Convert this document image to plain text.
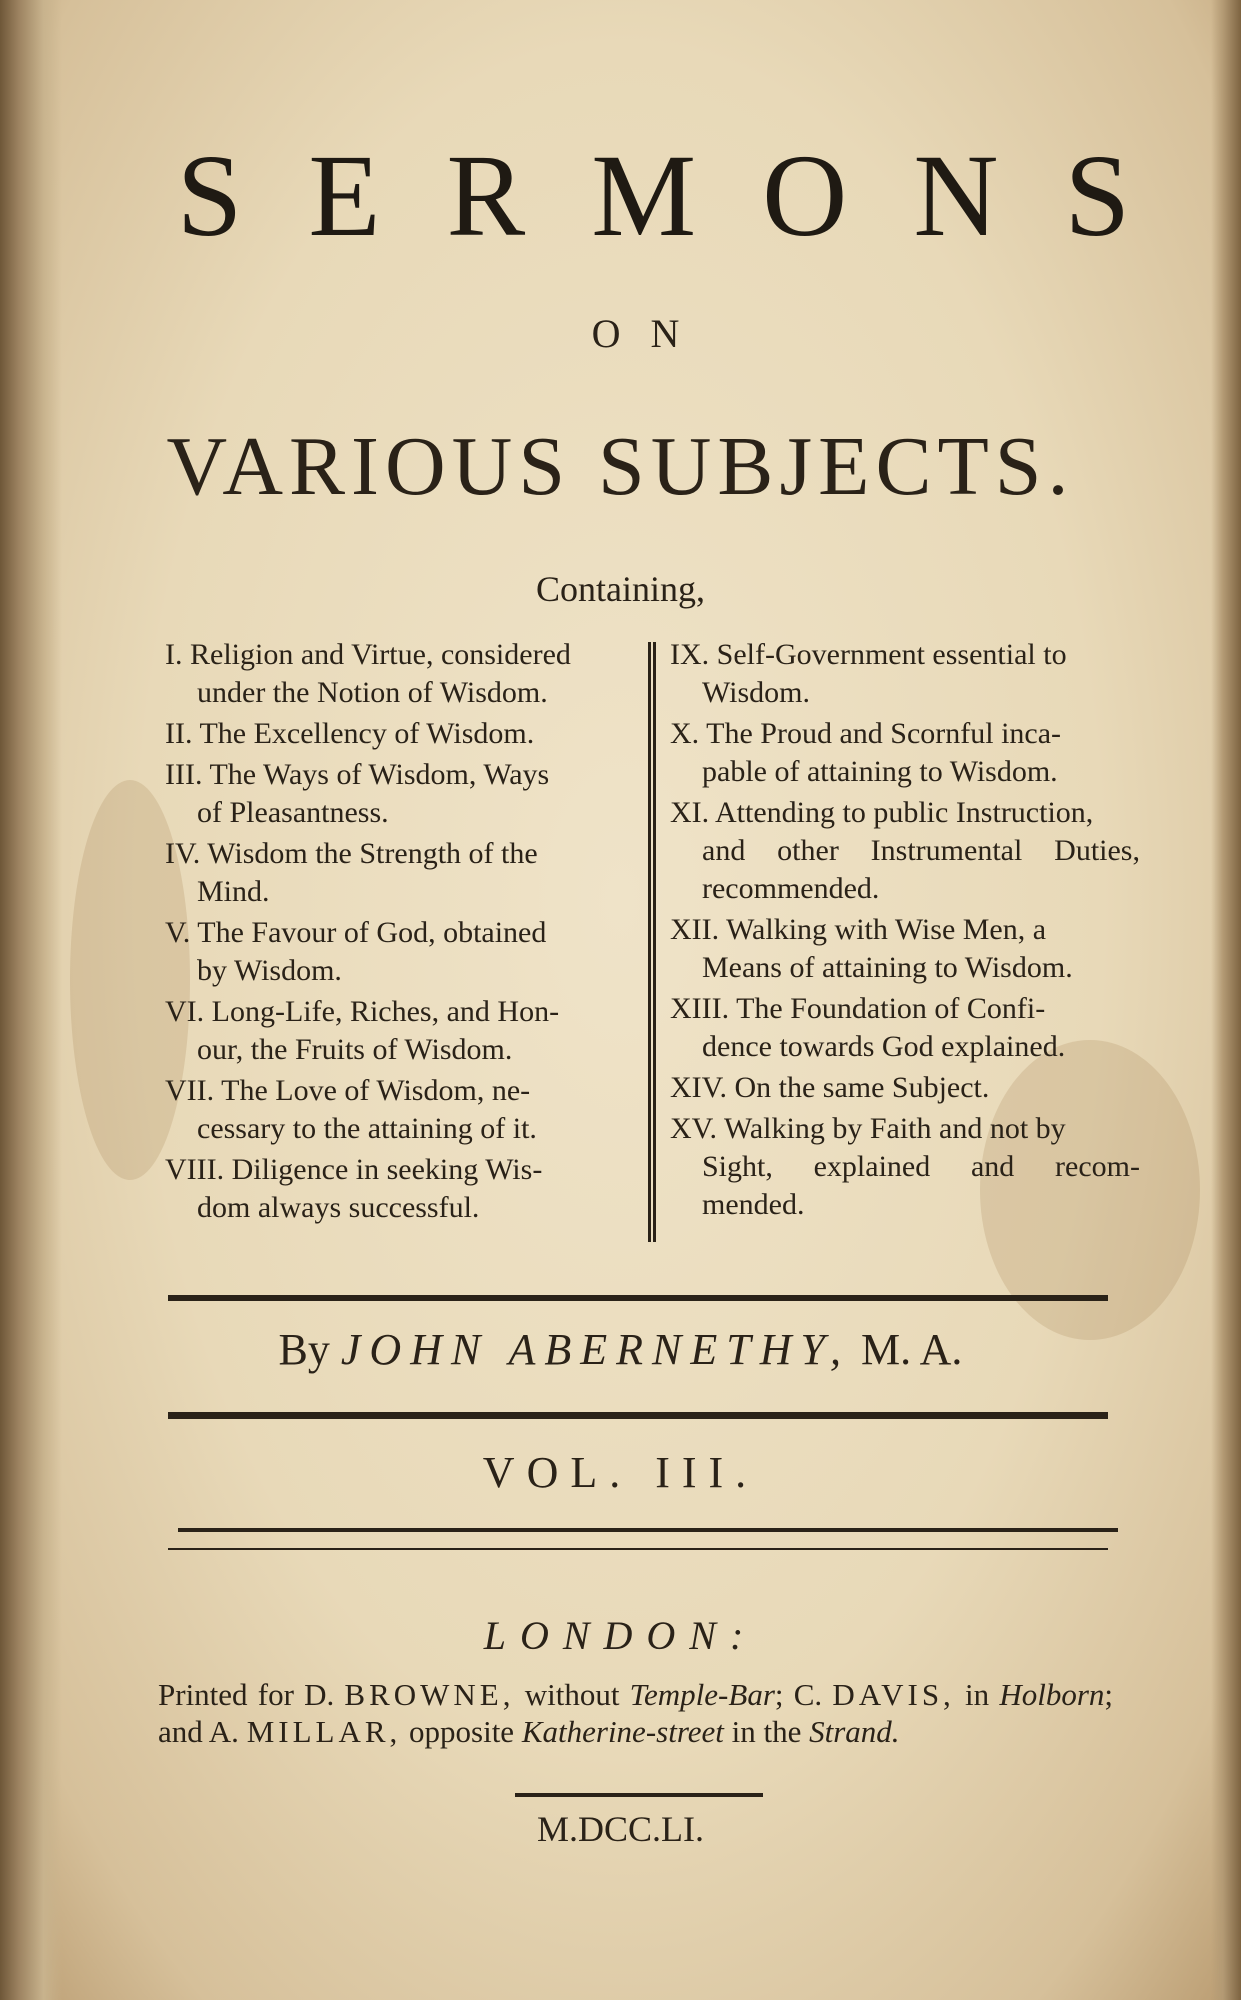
SERMONS
ON
VARIOUS SUBJECTS.
Containing,
I. Religion and Virtue, considered
under the Notion of Wisdom.
II. The Excellency of Wisdom.
III. The Ways of Wisdom, Ways
of Pleasantness.
IV. Wisdom the Strength of the
Mind.
V. The Favour of God, obtained
by Wisdom.
VI. Long-Life, Riches, and Hon-
our, the Fruits of Wisdom.
VII. The Love of Wisdom, ne-
cessary to the attaining of it.
VIII. Diligence in seeking Wis-
dom always successful.
IX. Self-Government essential to
Wisdom.
X. The Proud and Scornful inca-
pable of attaining to Wisdom.
XI. Attending to public Instruction,
and other Instrumental Duties, recommended.
XII. Walking with Wise Men, a
Means of attaining to Wisdom.
XIII. The Foundation of Confi-
dence towards God explained.
XIV. On the same Subject.
XV. Walking by Faith and not by
Sight, explained and recom- mended.
By JOHN ABERNETHY, M. A.
VOL. III.
LONDON:
Printed for D. BROWNE, without Temple-Bar; C. DAVIS, in Holborn; and A. MILLAR, opposite Katherine-street in the Strand.
M.DCC.LI.
